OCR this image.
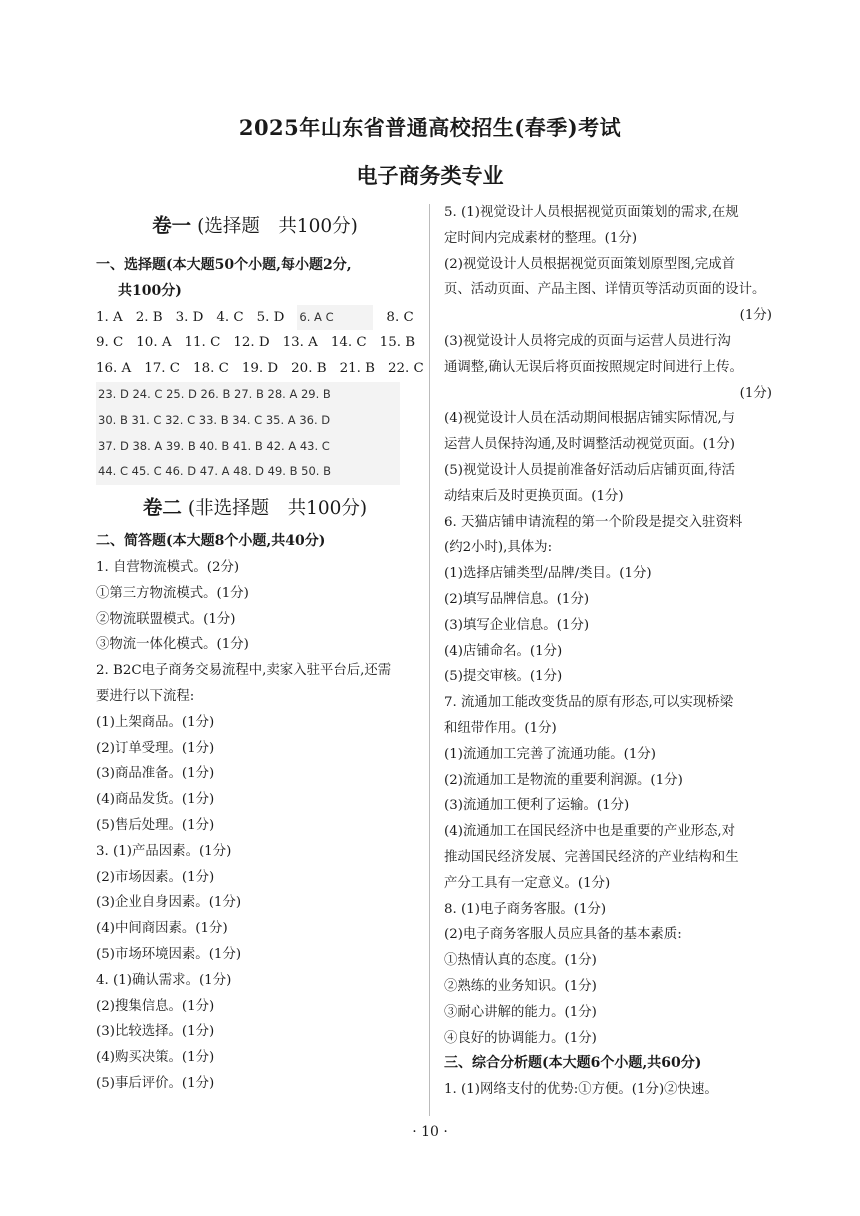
2025年山东省普通高校招生(春季)考试
电子商务类专业
卷一 (选择题　共100分)
一、选择题(本大题50个小题,每小题2分,
共100分)
1. A 2. B 3. D 4. C 5. D 6. A C	8. C
9. C 10. A 11. C 12. D 13. A 14. C 15. B
16. A 17. C 18. C 19. D 20. B 21. B 22. C
23. D 24. C 25. D 26. B 27. B 28. A 29. B
30. B 31. C 32. C 33. B 34. C 35. A 36. D
37. D 38. A 39. B 40. B 41. B 42. A 43. C
44. C 45. C 46. D 47. A 48. D 49. B 50. B
卷二 (非选择题　共100分)
二、简答题(本大题8个小题,共40分)
1. 自营物流模式。(2分)
①第三方物流模式。(1分)
②物流联盟模式。(1分)
③物流一体化模式。(1分)
2. B2C电子商务交易流程中,卖家入驻平台后,还需
要进行以下流程:
(1)上架商品。(1分)
(2)订单受理。(1分)
(3)商品准备。(1分)
(4)商品发货。(1分)
(5)售后处理。(1分)
3. (1)产品因素。(1分)
(2)市场因素。(1分)
(3)企业自身因素。(1分)
(4)中间商因素。(1分)
(5)市场环境因素。(1分)
4. (1)确认需求。(1分)
(2)搜集信息。(1分)
(3)比较选择。(1分)
(4)购买决策。(1分)
(5)事后评价。(1分)
5. (1)视觉设计人员根据视觉页面策划的需求,在规
定时间内完成素材的整理。(1分)
(2)视觉设计人员根据视觉页面策划原型图,完成首
页、活动页面、产品主图、详情页等活动页面的设计。
(1分)
(3)视觉设计人员将完成的页面与运营人员进行沟
通调整,确认无误后将页面按照规定时间进行上传。
(1分)
(4)视觉设计人员在活动期间根据店铺实际情况,与
运营人员保持沟通,及时调整活动视觉页面。(1分)
(5)视觉设计人员提前准备好活动后店铺页面,待活
动结束后及时更换页面。(1分)
6. 天猫店铺申请流程的第一个阶段是提交入驻资料
(约2小时),具体为:
(1)选择店铺类型/品牌/类目。(1分)
(2)填写品牌信息。(1分)
(3)填写企业信息。(1分)
(4)店铺命名。(1分)
(5)提交审核。(1分)
7. 流通加工能改变货品的原有形态,可以实现桥梁
和纽带作用。(1分)
(1)流通加工完善了流通功能。(1分)
(2)流通加工是物流的重要利润源。(1分)
(3)流通加工便利了运输。(1分)
(4)流通加工在国民经济中也是重要的产业形态,对
推动国民经济发展、完善国民经济的产业结构和生
产分工具有一定意义。(1分)
8. (1)电子商务客服。(1分)
(2)电子商务客服人员应具备的基本素质:
①热情认真的态度。(1分)
②熟练的业务知识。(1分)
③耐心讲解的能力。(1分)
④良好的协调能力。(1分)
三、综合分析题(本大题6个小题,共60分)
1. (1)网络支付的优势:①方便。(1分)②快速。
· 10 ·
